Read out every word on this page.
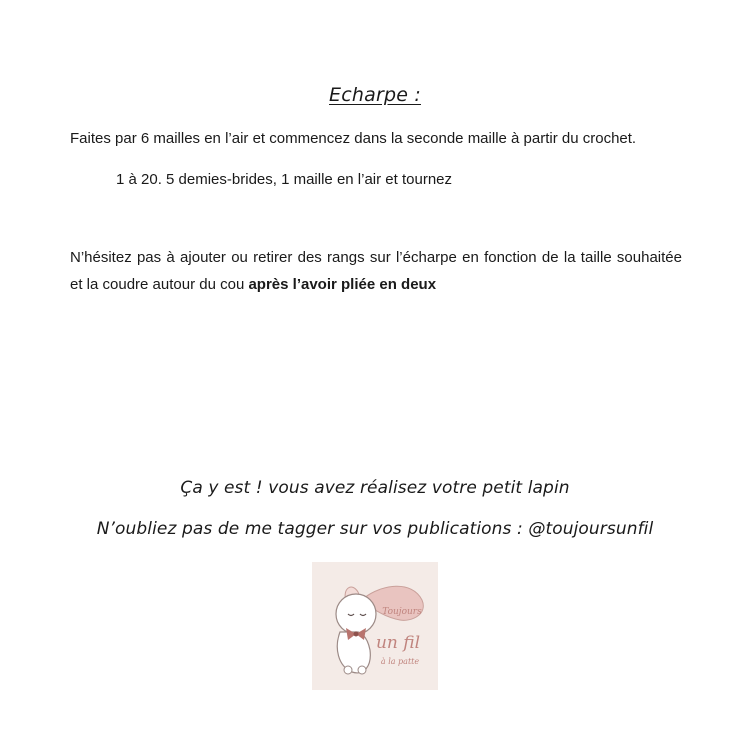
Echarpe :
Faites par 6 mailles en l’air et commencez dans la seconde maille à partir du crochet.
1 à 20. 5 demies-brides, 1 maille en l’air et tournez
N’hésitez pas à ajouter ou retirer des rangs sur l’écharpe en fonction de la taille souhaitée et la coudre autour du cou après l’avoir pliée en deux
Ça y est ! vous avez réalisez votre petit lapin
N’oubliez pas de me tagger sur vos publications : @toujoursunfil
Toujours
un fil
à la patte
